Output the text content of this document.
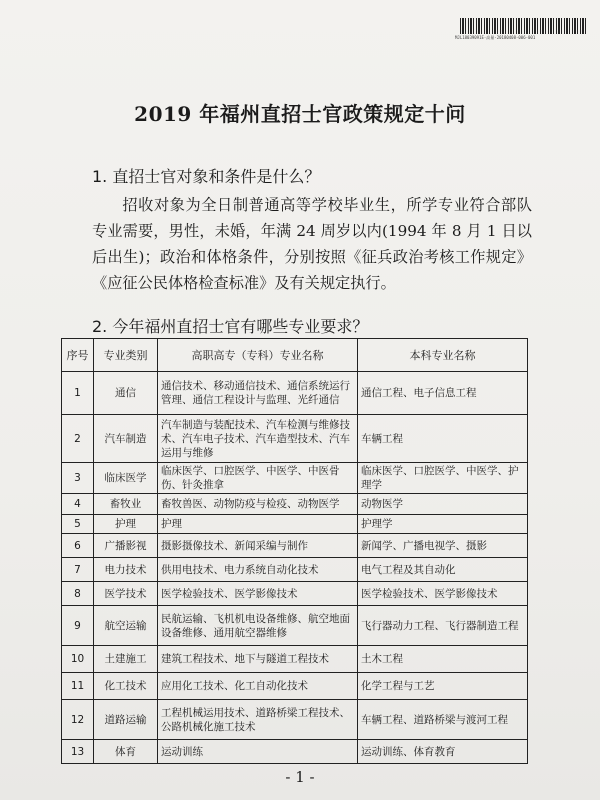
MJL18039091E-高量-20180408-006-001
2019 年福州直招士官政策规定十问
1. 直招士官对象和条件是什么？

招收对象为全日制普通高等学校毕业生，所学专业符合部队专业需要，男性，未婚，年满 24 周岁以内(1994 年 8 月 1 日以后出生)；政治和体格条件，分别按照《征兵政治考核工作规定》《应征公民体格检查标准》及有关规定执行。

2. 今年福州直招士官有哪些专业要求？
序号	专业类别	高职高专（专科）专业名称	本科专业名称
1	通信	通信技术、移动通信技术、通信系统运行管理、通信工程设计与监理、光纤通信	通信工程、电子信息工程
2	汽车制造	汽车制造与装配技术、汽车检测与维修技术、汽车电子技术、汽车造型技术、汽车运用与维修	车辆工程
3	临床医学	临床医学、口腔医学、中医学、中医骨伤、针灸推拿	临床医学、口腔医学、中医学、护理学
4	畜牧业	畜牧兽医、动物防疫与检疫、动物医学	动物医学
5	护理	护理	护理学
6	广播影视	摄影摄像技术、新闻采编与制作	新闻学、广播电视学、摄影
7	电力技术	供用电技术、电力系统自动化技术	电气工程及其自动化
8	医学技术	医学检验技术、医学影像技术	医学检验技术、医学影像技术
9	航空运输	民航运输、飞机机电设备维修、航空地面设备维修、通用航空器维修	飞行器动力工程、飞行器制造工程
10	土建施工	建筑工程技术、地下与隧道工程技术	土木工程
11	化工技术	应用化工技术、化工自动化技术	化学工程与工艺
12	道路运输	工程机械运用技术、道路桥梁工程技术、公路机械化施工技术	车辆工程、道路桥梁与渡河工程
13	体育	运动训练	运动训练、体育教育
- 1 -
